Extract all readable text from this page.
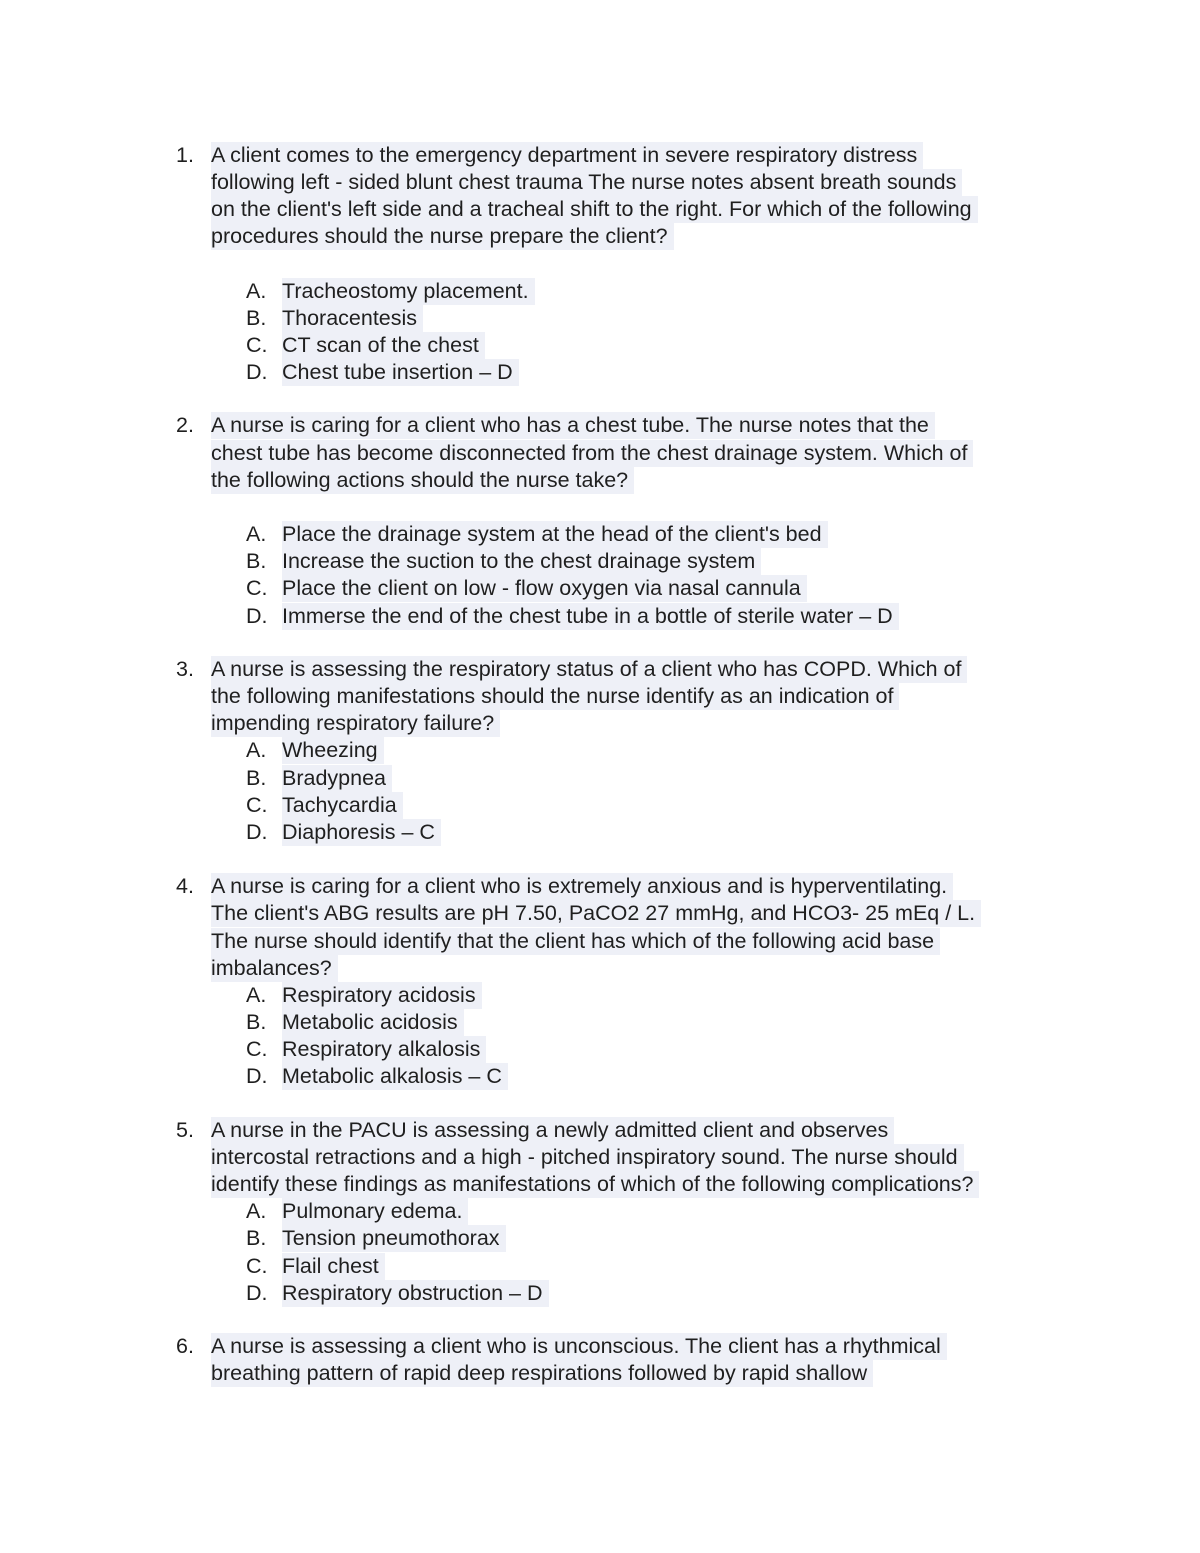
1. A client comes to the emergency department in severe respiratory distress
following left - sided blunt chest trauma The nurse notes absent breath sounds
on the client's left side and a tracheal shift to the right. For which of the following
procedures should the nurse prepare the client?
A. Tracheostomy placement.
B. Thoracentesis
C. CT scan of the chest
D. Chest tube insertion – D
2. A nurse is caring for a client who has a chest tube. The nurse notes that the
chest tube has become disconnected from the chest drainage system. Which of
the following actions should the nurse take?
A. Place the drainage system at the head of the client's bed
B. Increase the suction to the chest drainage system
C. Place the client on low - flow oxygen via nasal cannula
D. Immerse the end of the chest tube in a bottle of sterile water – D
3. A nurse is assessing the respiratory status of a client who has COPD. Which of
the following manifestations should the nurse identify as an indication of
impending respiratory failure?
A. Wheezing
B. Bradypnea
C. Tachycardia
D. Diaphoresis – C
4. A nurse is caring for a client who is extremely anxious and is hyperventilating.
The client's ABG results are pH 7.50, PaCO2 27 mmHg, and HCO3- 25 mEq / L.
The nurse should identify that the client has which of the following acid base
imbalances?
A. Respiratory acidosis
B. Metabolic acidosis
C. Respiratory alkalosis
D. Metabolic alkalosis – C
5. A nurse in the PACU is assessing a newly admitted client and observes
intercostal retractions and a high - pitched inspiratory sound. The nurse should
identify these findings as manifestations of which of the following complications?
A. Pulmonary edema.
B. Tension pneumothorax
C. Flail chest
D. Respiratory obstruction – D
6. A nurse is assessing a client who is unconscious. The client has a rhythmical
breathing pattern of rapid deep respirations followed by rapid shallow
